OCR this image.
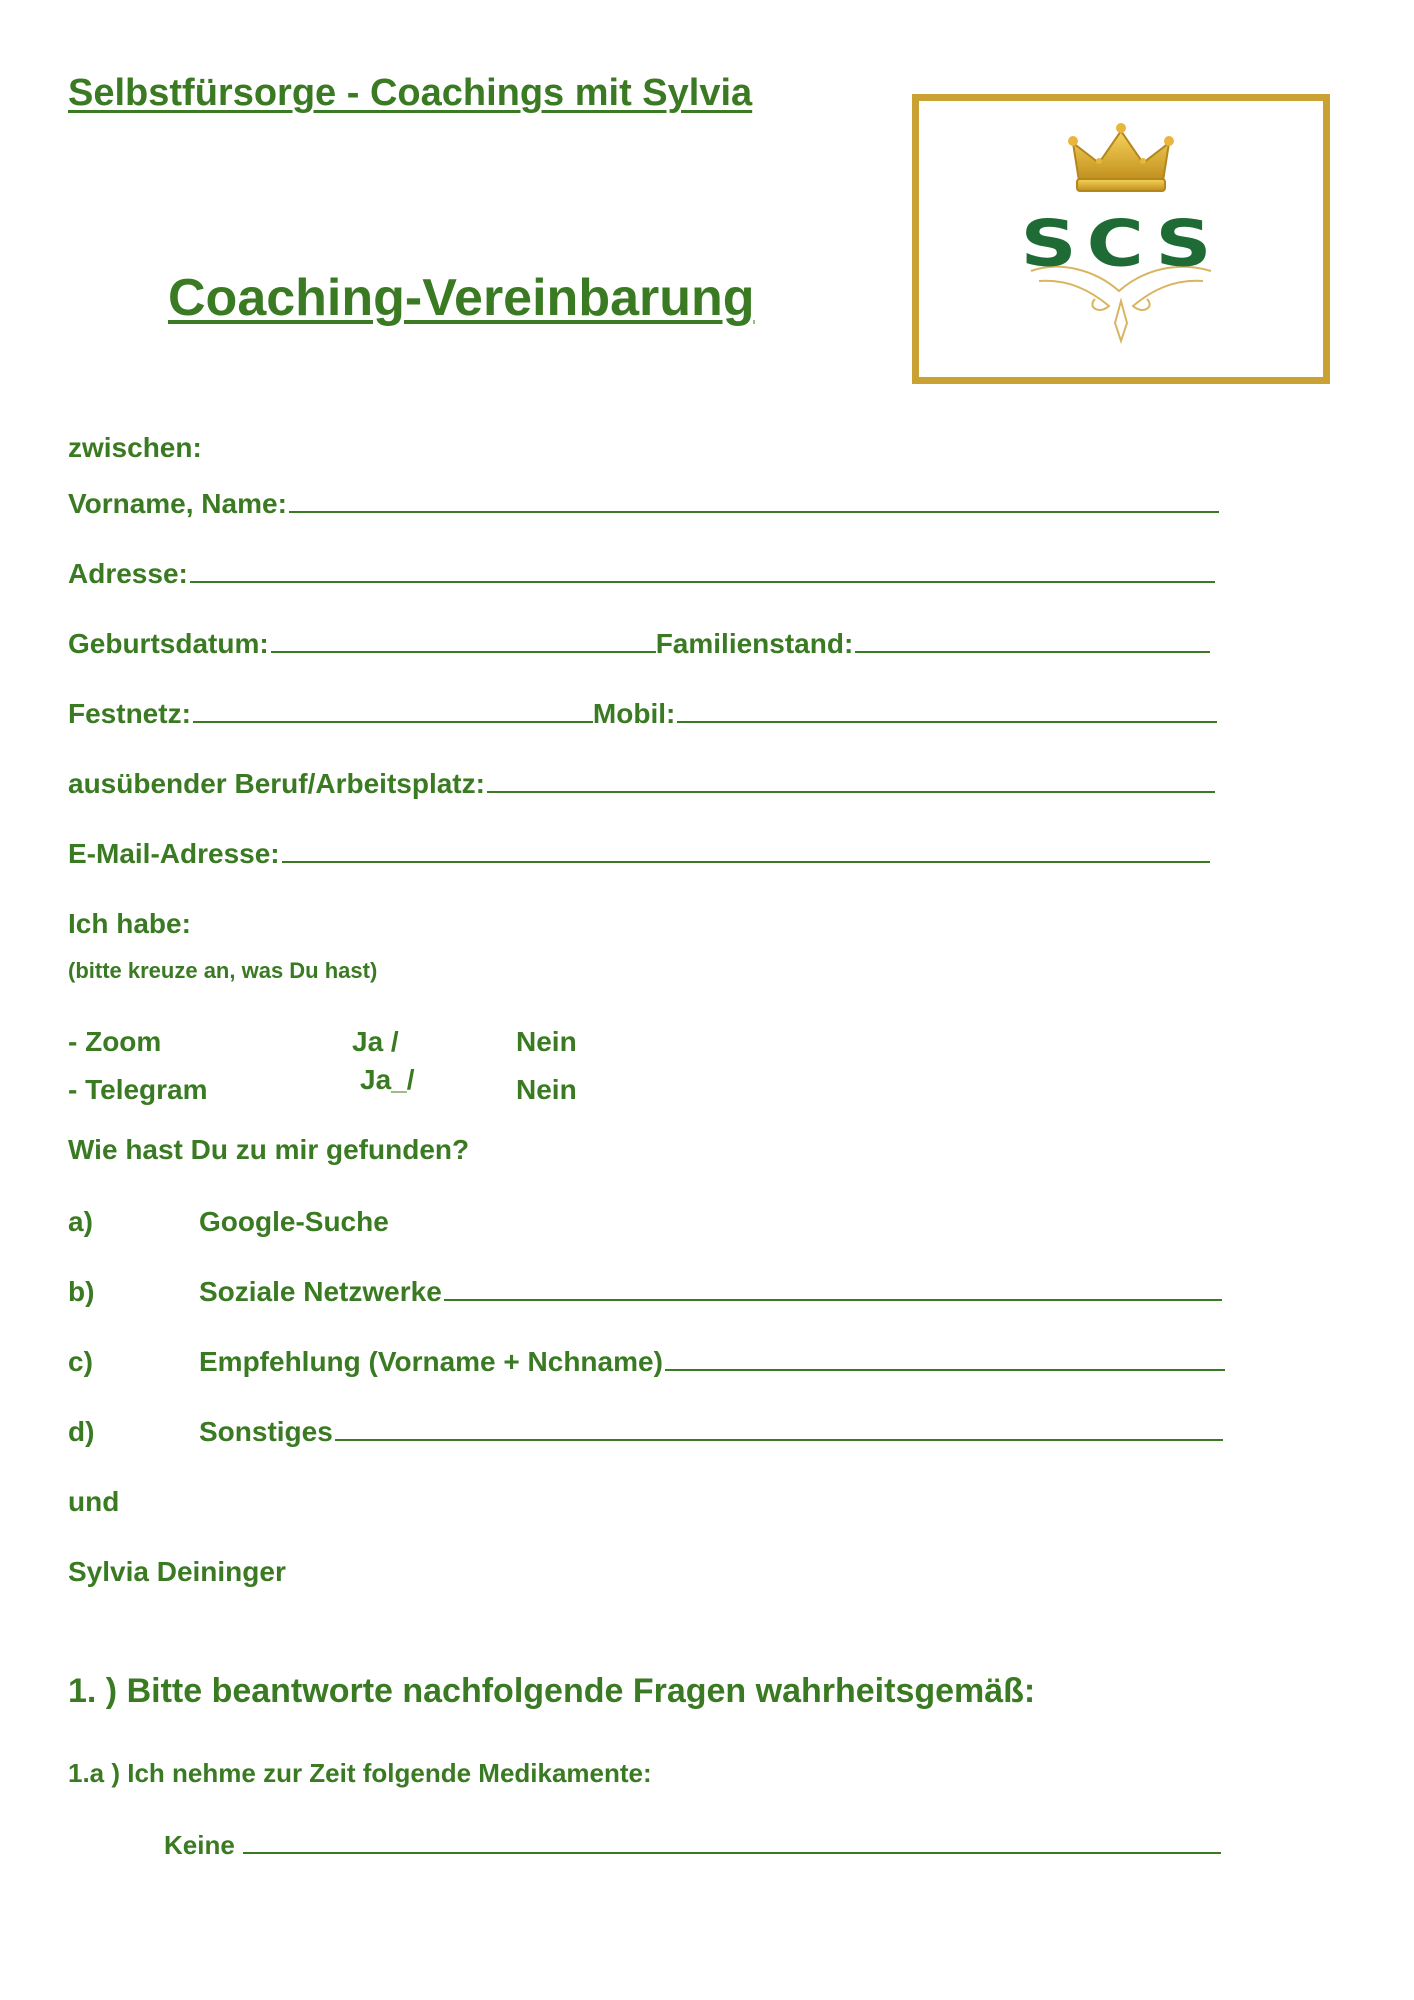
Selbstfürsorge - Coachings mit Sylvia
Coaching-Vereinbarung
SCS
zwischen:
Vorname, Name:
Adresse:
Geburtsdatum:	Familienstand:
Festnetz:	Mobil:
ausübender Beruf/Arbeitsplatz:
E-Mail-Adresse:
Ich habe:
(bitte kreuze an, was Du hast)
- Zoom	Ja /	Nein
- Telegram	Ja_/	Nein
Wie hast Du zu mir gefunden?
a)	Google-Suche
b)	Soziale Netzwerke
c)	Empfehlung (Vorname + Nchname)
d)	Sonstiges
und
Sylvia Deininger
1. ) Bitte beantworte nachfolgende Fragen wahrheitsgemäß:
1.a ) Ich nehme zur Zeit folgende Medikamente:
Keine
